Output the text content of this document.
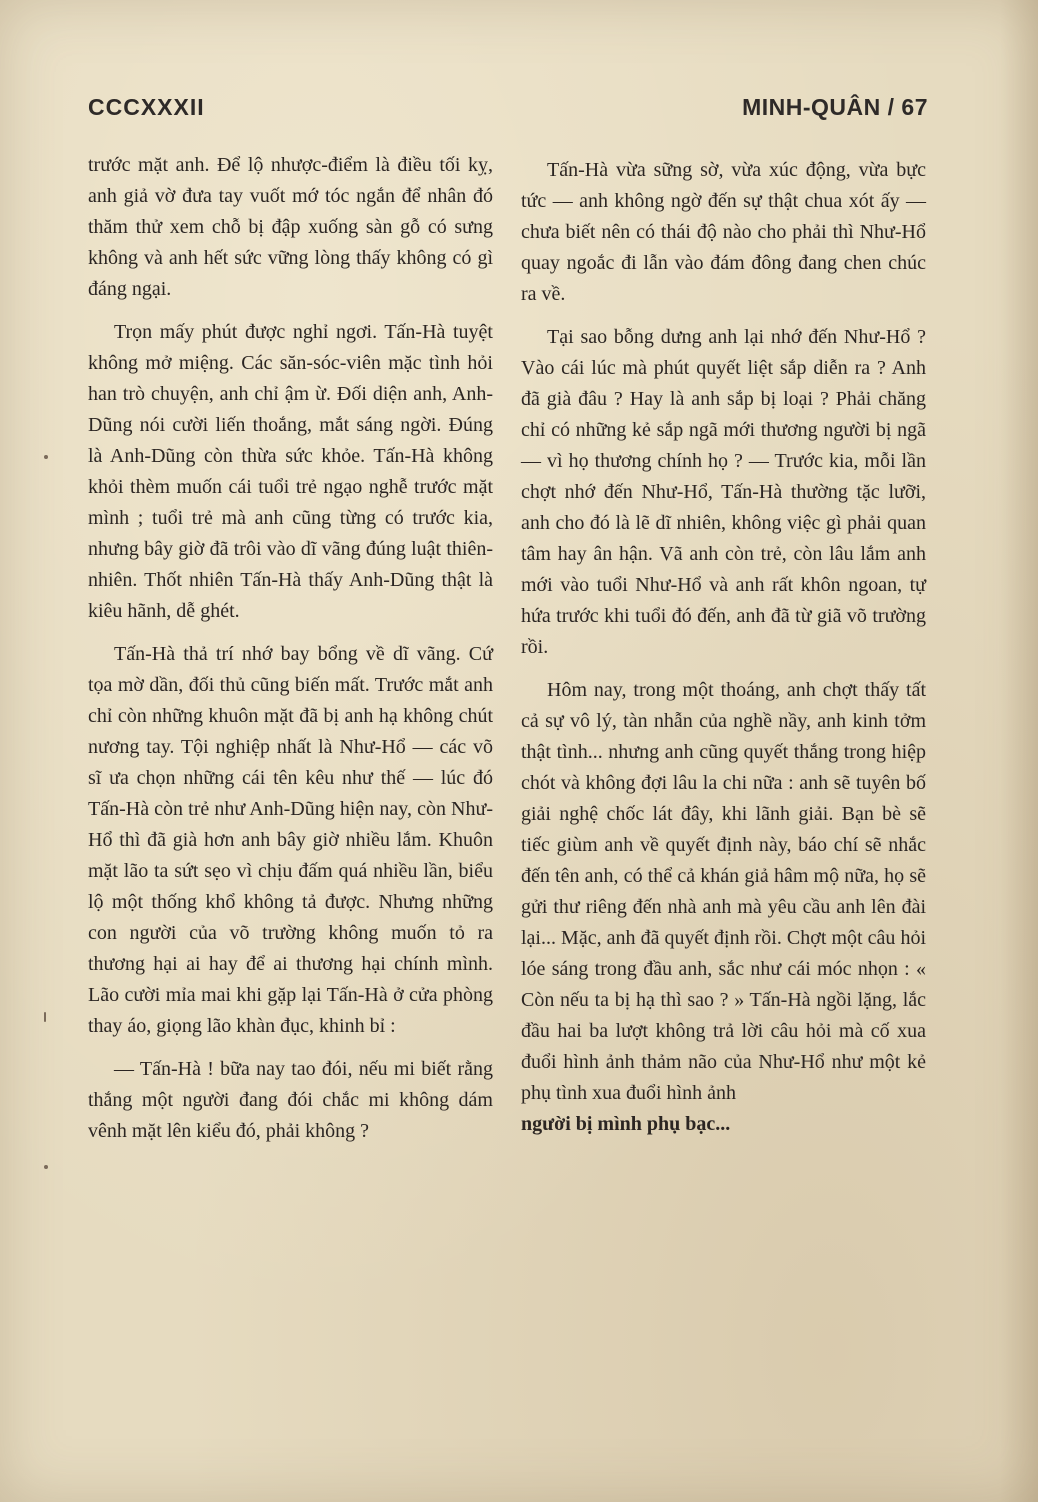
CCCXXXII	MINH-QUÂN / 67

trước mặt anh. Để lộ nhược-điểm là điều tối kỵ, anh giả vờ đưa tay vuốt mớ tóc ngắn để nhân đó thăm thử xem chỗ bị đập xuống sàn gỗ có sưng không và anh hết sức vững lòng thấy không có gì đáng ngại.

Trọn mấy phút được nghỉ ngơi. Tấn-Hà tuyệt không mở miệng. Các săn-sóc-viên mặc tình hỏi han trò chuyện, anh chỉ ậm ừ. Đối diện anh, Anh-Dũng nói cười liến thoắng, mắt sáng ngời. Đúng là Anh-Dũng còn thừa sức khỏe. Tấn-Hà không khỏi thèm muốn cái tuổi trẻ ngạo nghễ trước mặt mình ; tuổi trẻ mà anh cũng từng có trước kia, nhưng bây giờ đã trôi vào dĩ vãng đúng luật thiên-nhiên. Thốt nhiên Tấn-Hà thấy Anh-Dũng thật là kiêu hãnh, dễ ghét.

Tấn-Hà thả trí nhớ bay bổng về dĩ vãng. Cứ tọa mờ dần, đối thủ cũng biến mất. Trước mắt anh chỉ còn những khuôn mặt đã bị anh hạ không chút nương tay. Tội nghiệp nhất là Như-Hổ — các võ sĩ ưa chọn những cái tên kêu như thế — lúc đó Tấn-Hà còn trẻ như Anh-Dũng hiện nay, còn Như-Hổ thì đã già hơn anh bây giờ nhiều lắm. Khuôn mặt lão ta sứt sẹo vì chịu đấm quá nhiều lần, biểu lộ một thống khổ không tả được. Nhưng những con người của võ trường không muốn tỏ ra thương hại ai hay để ai thương hại chính mình. Lão cười mỉa mai khi gặp lại Tấn-Hà ở cửa phòng thay áo, giọng lão khàn đục, khinh bỉ :

— Tấn-Hà ! bữa nay tao đói, nếu mi biết rằng thắng một người đang đói chắc mi không dám vênh mặt lên kiểu đó, phải không ?

Tấn-Hà vừa sững sờ, vừa xúc động, vừa bực tức — anh không ngờ đến sự thật chua xót ấy — chưa biết nên có thái độ nào cho phải thì Như-Hổ quay ngoắc đi lẫn vào đám đông đang chen chúc ra về.

Tại sao bỗng dưng anh lại nhớ đến Như-Hổ ? Vào cái lúc mà phút quyết liệt sắp diễn ra ? Anh đã già đâu ? Hay là anh sắp bị loại ? Phải chăng chỉ có những kẻ sắp ngã mới thương người bị ngã — vì họ thương chính họ ? — Trước kia, mỗi lần chợt nhớ đến Như-Hổ, Tấn-Hà thường tặc lưỡi, anh cho đó là lẽ dĩ nhiên, không việc gì phải quan tâm hay ân hận. Vã anh còn trẻ, còn lâu lắm anh mới vào tuổi Như-Hổ và anh rất khôn ngoan, tự hứa trước khi tuổi đó đến, anh đã từ giã võ trường rồi.

Hôm nay, trong một thoáng, anh chợt thấy tất cả sự vô lý, tàn nhẫn của nghề nầy, anh kinh tởm thật tình... nhưng anh cũng quyết thắng trong hiệp chót và không đợi lâu la chi nữa : anh sẽ tuyên bố giải nghệ chốc lát đây, khi lãnh giải. Bạn bè sẽ tiếc giùm anh về quyết định này, báo chí sẽ nhắc đến tên anh, có thể cả khán giả hâm mộ nữa, họ sẽ gửi thư riêng đến nhà anh mà yêu cầu anh lên đài lại... Mặc, anh đã quyết định rồi. Chợt một câu hỏi lóe sáng trong đầu anh, sắc như cái móc nhọn : « Còn nếu ta bị hạ thì sao ? » Tấn-Hà ngồi lặng, lắc đầu hai ba lượt không trả lời câu hỏi mà cố xua đuổi hình ảnh thảm não của Như-Hổ như một kẻ phụ tình xua đuổi hình ảnh

người bị mình phụ bạc...
